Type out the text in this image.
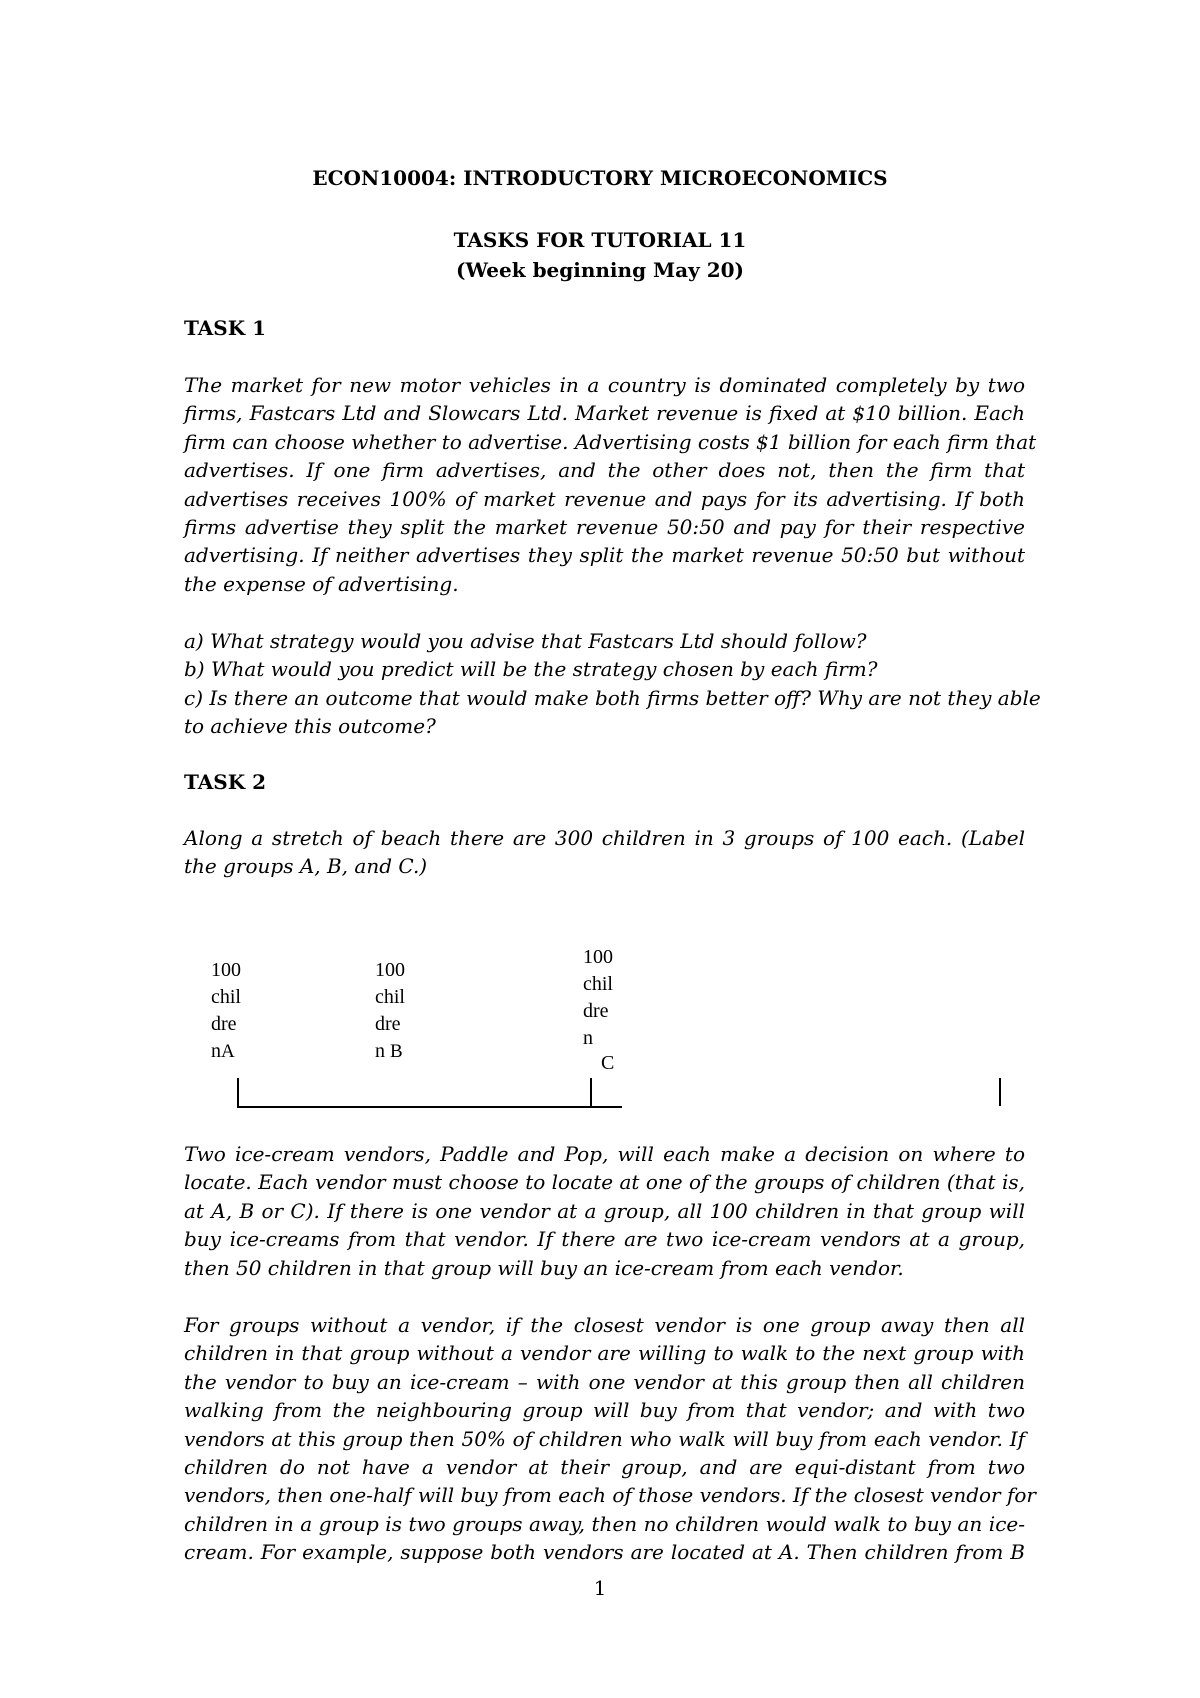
ECON10004: INTRODUCTORY MICROECONOMICS
TASKS FOR TUTORIAL 11
(Week beginning May 20)
TASK 1
The market for new motor vehicles in a country is dominated completely by two
firms, Fastcars Ltd and Slowcars Ltd. Market revenue is fixed at $10 billion. Each
firm can choose whether to advertise. Advertising costs $1 billion for each firm that
advertises. If one firm advertises, and the other does not, then the firm that
advertises receives 100% of market revenue and pays for its advertising. If both
firms advertise they split the market revenue 50:50 and pay for their respective
advertising. If neither advertises they split the market revenue 50:50 but without
the expense of advertising.
a) What strategy would you advise that Fastcars Ltd should follow?
b) What would you predict will be the strategy chosen by each firm?
c) Is there an outcome that would make both firms better off? Why are not they able
to achieve this outcome?
TASK 2
Along a stretch of beach there are 300 children in 3 groups of 100 each. (Label
the groups A, B, and C.)
100
chil
dre
nA
100
chil
dre
n B
100
chil
dre
n
C
Two ice-cream vendors, Paddle and Pop, will each make a decision on where to
locate. Each vendor must choose to locate at one of the groups of children (that is,
at A, B or C). If there is one vendor at a group, all 100 children in that group will
buy ice-creams from that vendor. If there are two ice-cream vendors at a group,
then 50 children in that group will buy an ice-cream from each vendor.
For groups without a vendor, if the closest vendor is one group away then all
children in that group without a vendor are willing to walk to the next group with
the vendor to buy an ice-cream – with one vendor at this group then all children
walking from the neighbouring group will buy from that vendor; and with two
vendors at this group then 50% of children who walk will buy from each vendor. If
children do not have a vendor at their group, and are equi-distant from two
vendors, then one-half will buy from each of those vendors. If the closest vendor for
children in a group is two groups away, then no children would walk to buy an ice-
cream. For example, suppose both vendors are located at A. Then children from B
1
